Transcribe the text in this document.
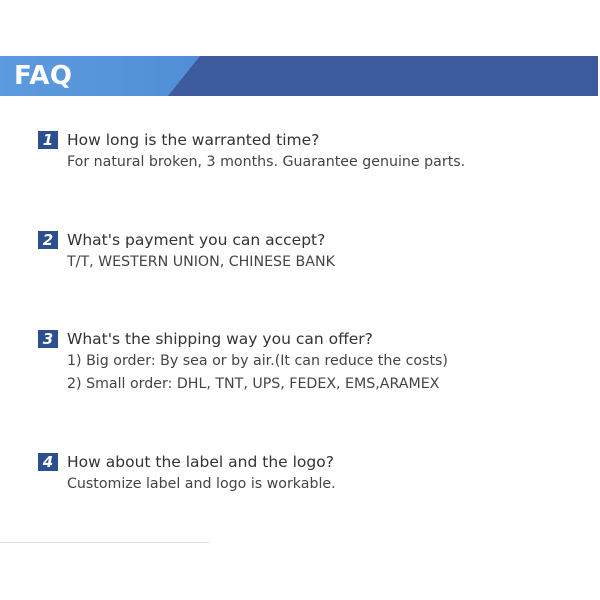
FAQ
1 How long is the warranted time?
For natural broken, 3 months. Guarantee genuine parts.
2 What's payment you can accept?
T/T, WESTERN UNION, CHINESE BANK
3 What's the shipping way you can offer?
1) Big order: By sea or by air.(It can reduce the costs)
2) Small order: DHL, TNT, UPS, FEDEX, EMS,ARAMEX
4 How about the label and the logo?
Customize label and logo is workable.
